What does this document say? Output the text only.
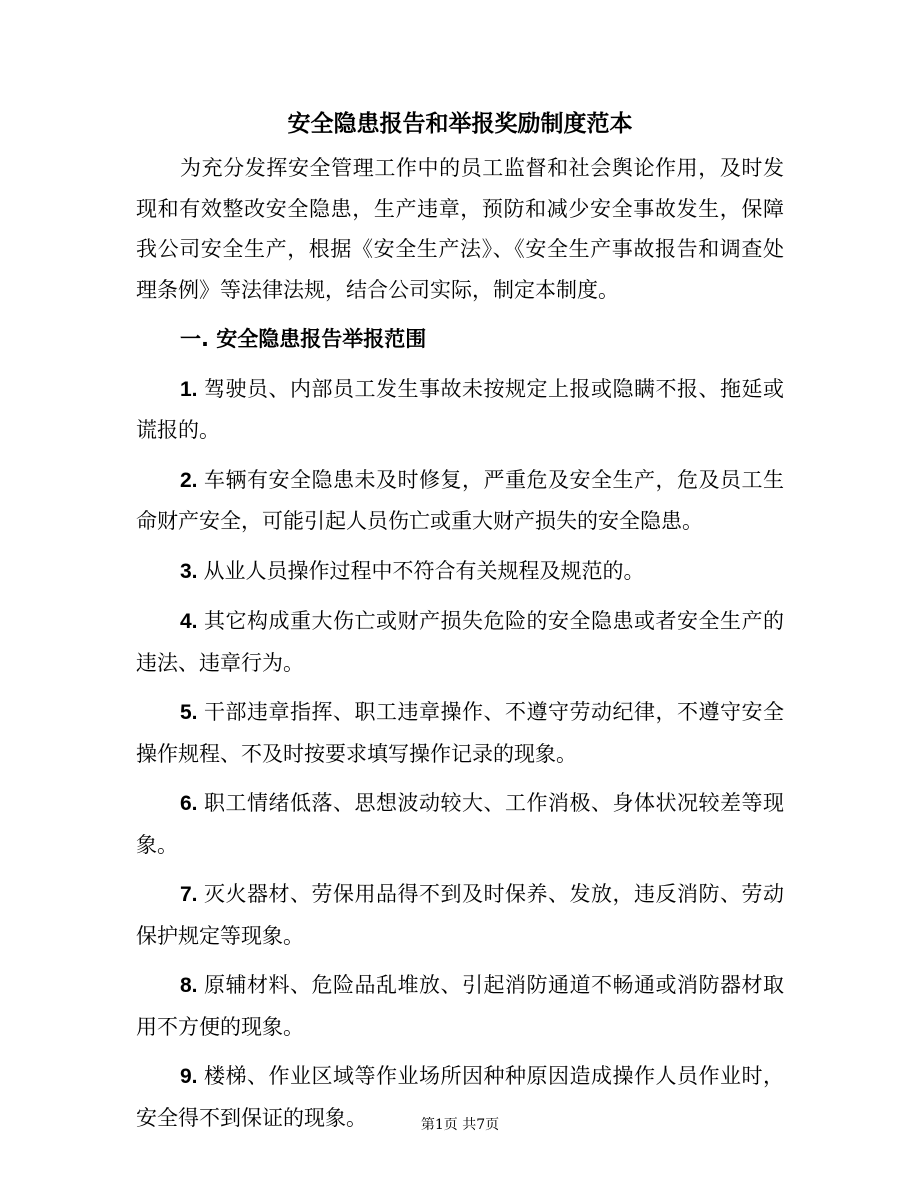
安全隐患报告和举报奖励制度范本

为充分发挥安全管理工作中的员工监督和社会舆论作用，及时发现和有效整改安全隐患，生产违章，预防和减少安全事故发生，保障我公司安全生产，根据《安全生产法》、《安全生产事故报告和调查处理条例》等法律法规，结合公司实际，制定本制度。

一. 安全隐患报告举报范围

1. 驾驶员、内部员工发生事故未按规定上报或隐瞒不报、拖延或谎报的。

2. 车辆有安全隐患未及时修复，严重危及安全生产，危及员工生命财产安全，可能引起人员伤亡或重大财产损失的安全隐患。

3. 从业人员操作过程中不符合有关规程及规范的。

4. 其它构成重大伤亡或财产损失危险的安全隐患或者安全生产的违法、违章行为。

5. 干部违章指挥、职工违章操作、不遵守劳动纪律，不遵守安全操作规程、不及时按要求填写操作记录的现象。

6. 职工情绪低落、思想波动较大、工作消极、身体状况较差等现象。

7. 灭火器材、劳保用品得不到及时保养、发放，违反消防、劳动保护规定等现象。

8. 原辅材料、危险品乱堆放、引起消防通道不畅通或消防器材取用不方便的现象。

9. 楼梯、作业区域等作业场所因种种原因造成操作人员作业时，安全得不到保证的现象。	第1页 共7页
